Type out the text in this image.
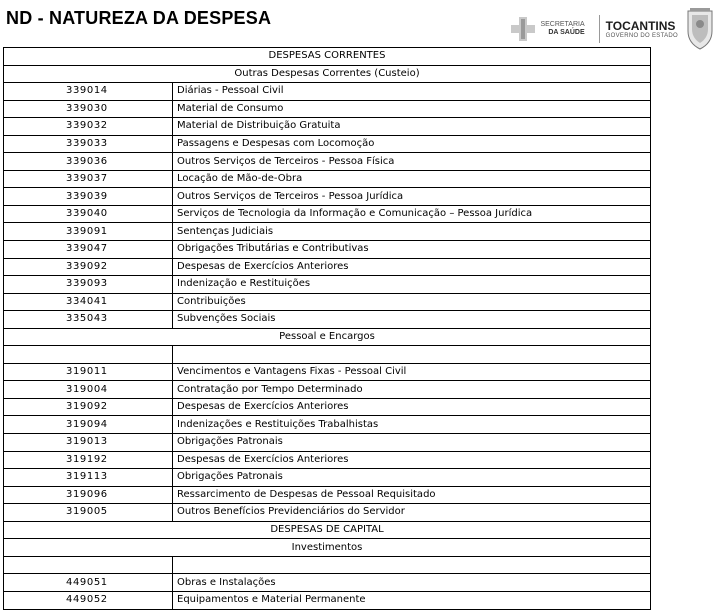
ND - NATUREZA DA DESPESA	SECRETARIA
DA SAÚDE TOCANTINS
GOVERNO DO ESTADO
DESPESAS CORRENTES
Outras Despesas Correntes (Custeio)
339014	Diárias - Pessoal Civil
339030	Material de Consumo
339032	Material de Distribuição Gratuita
339033	Passagens e Despesas com Locomoção
339036	Outros Serviços de Terceiros - Pessoa Física
339037	Locação de Mão-de-Obra
339039	Outros Serviços de Terceiros - Pessoa Jurídica
339040	Serviços de Tecnologia da Informação e Comunicação – Pessoa Jurídica
339091	Sentenças Judiciais
339047	Obrigações Tributárias e Contributivas
339092	Despesas de Exercícios Anteriores
339093	Indenização e Restituições
334041	Contribuições
335043	Subvenções Sociais
Pessoal e Encargos
319011	Vencimentos e Vantagens Fixas - Pessoal Civil
319004	Contratação por Tempo Determinado
319092	Despesas de Exercícios Anteriores
319094	Indenizações e Restituições Trabalhistas
319013	Obrigações Patronais
319192	Despesas de Exercícios Anteriores
319113	Obrigações Patronais
319096	Ressarcimento de Despesas de Pessoal Requisitado
319005	Outros Benefícios Previdenciários do Servidor
DESPESAS DE CAPITAL
Investimentos
449051	Obras e Instalações
449052	Equipamentos e Material Permanente
